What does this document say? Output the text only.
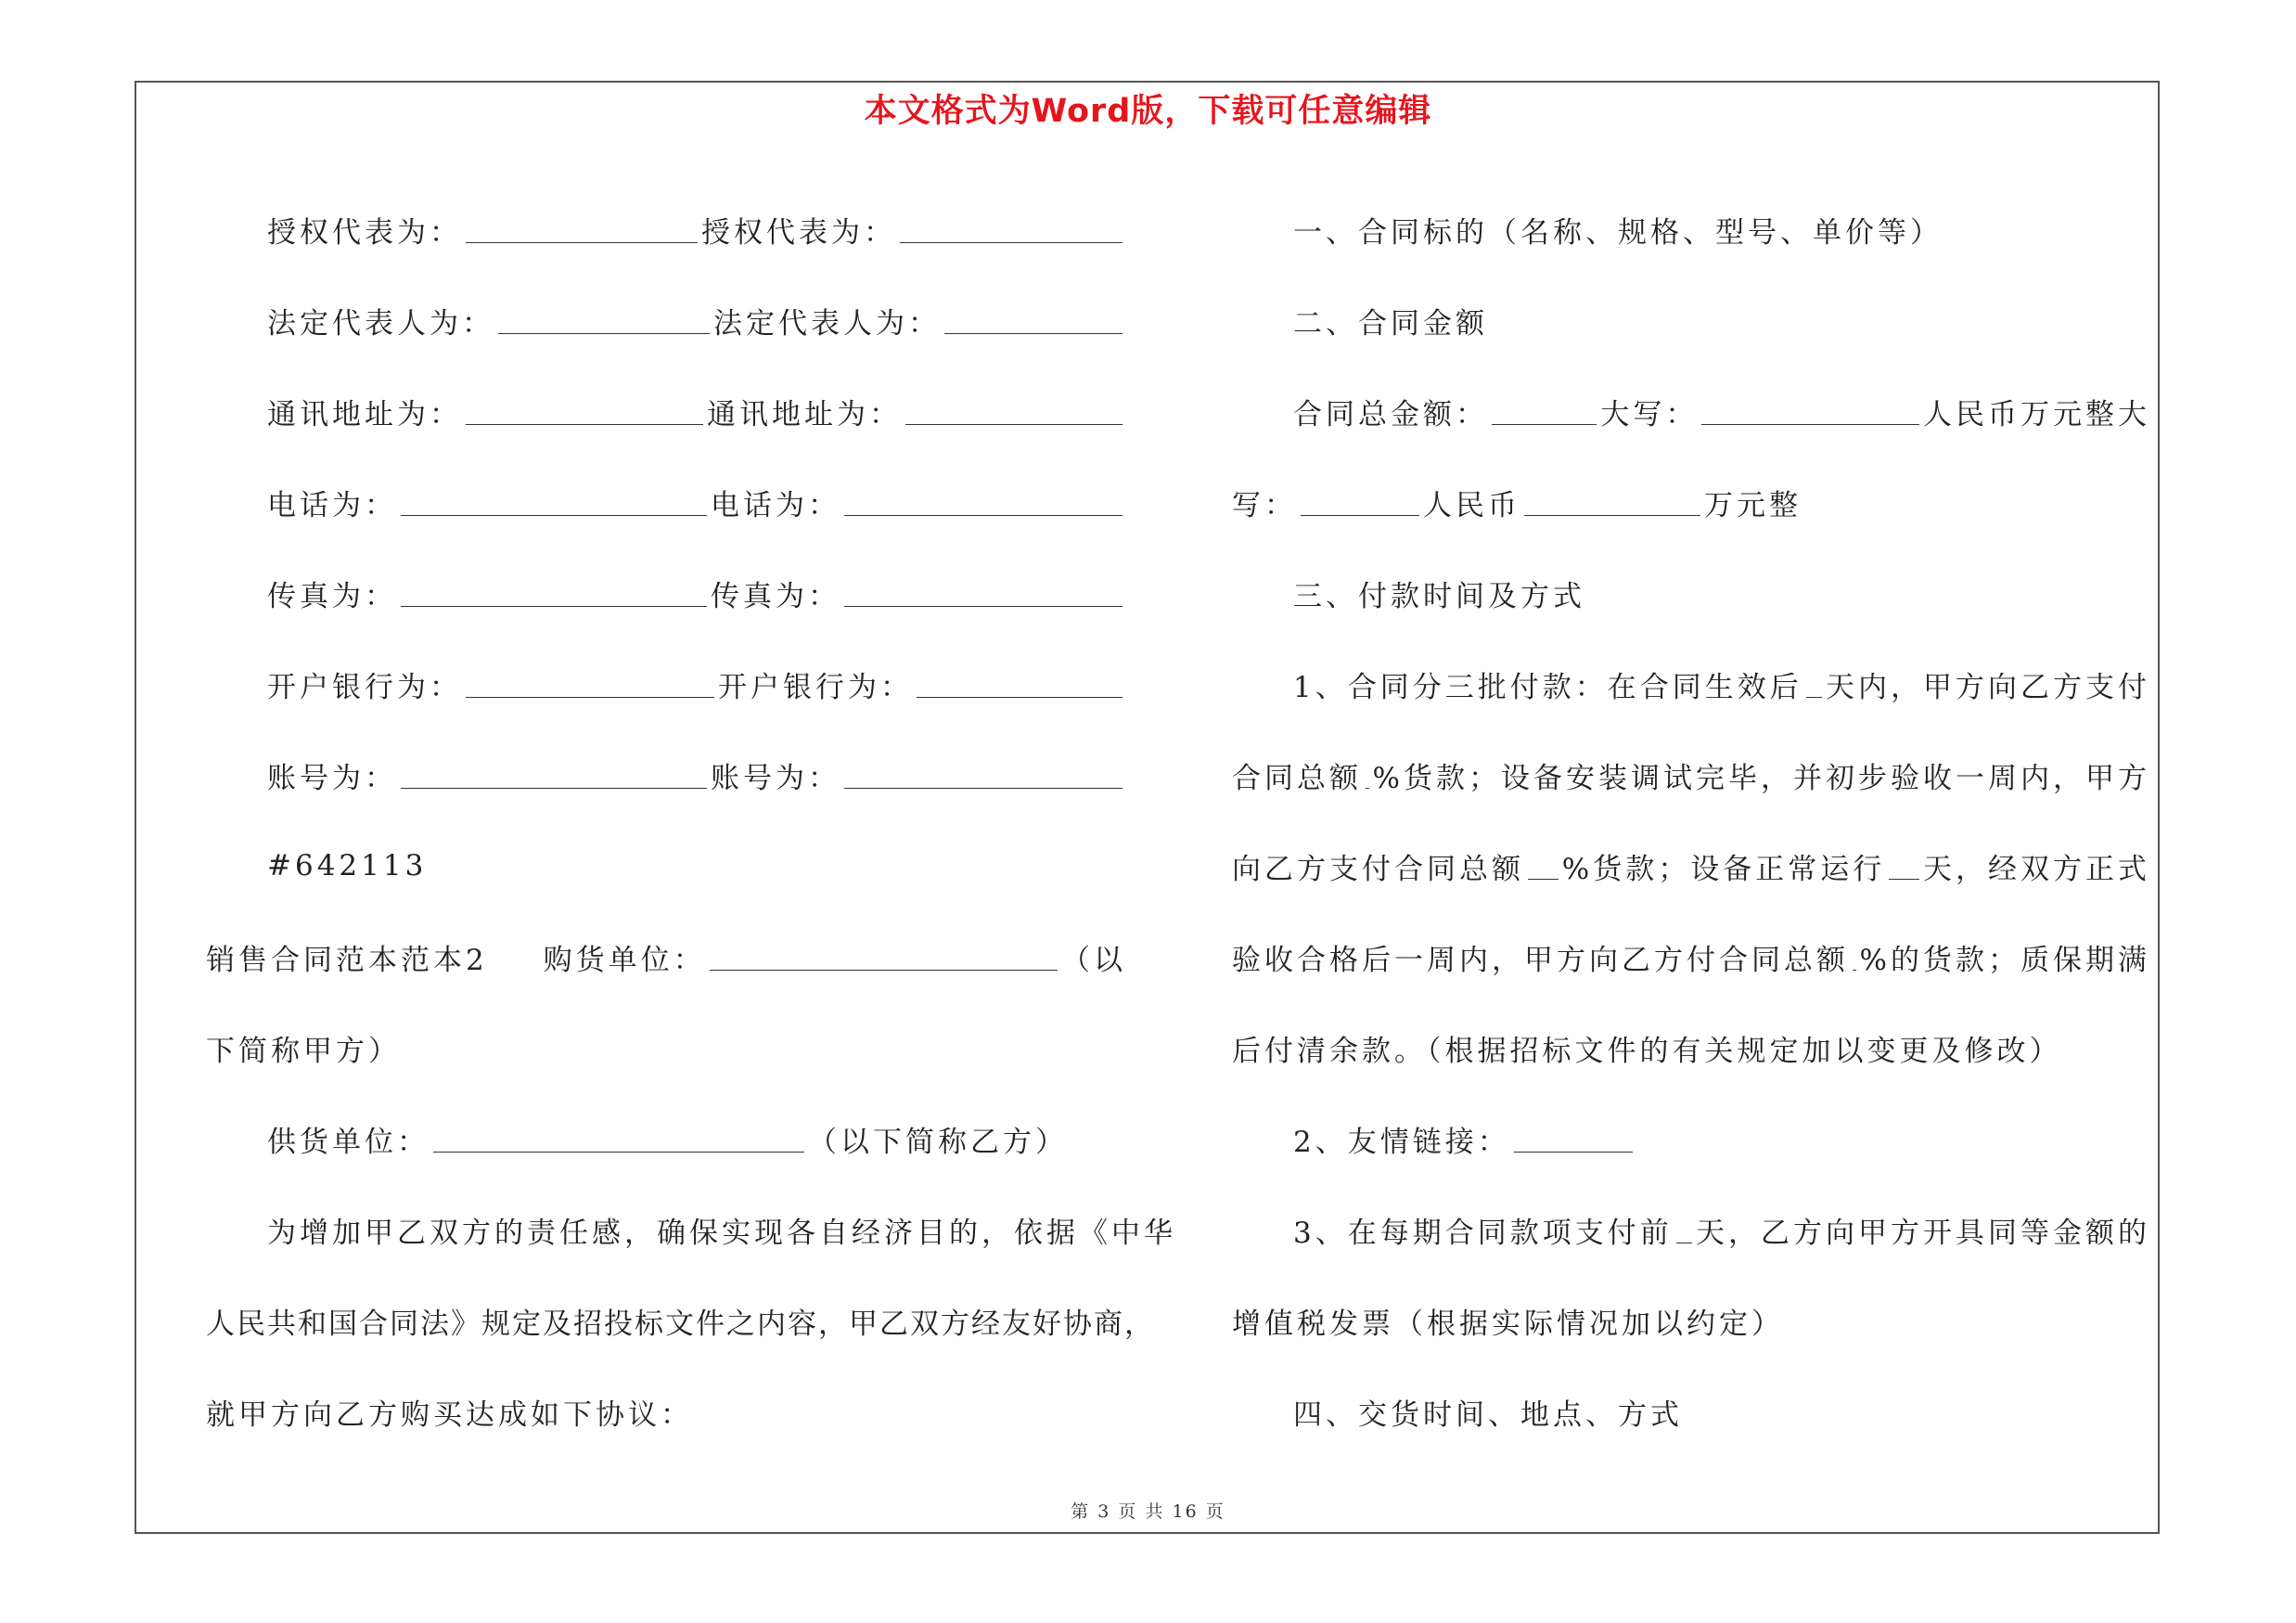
本文格式为Word版，下载可任意编辑
授权代表为：	授权代表为：
法定代表人为：	法定代表人为：
通讯地址为：	通讯地址为：
电话为：	电话为：
传真为：	传真为：
开户银行为：	开户银行为：
账号为：	账号为：
#642113
销售合同范本范本2 购货单位：	（以
下简称甲方）
供货单位：	（以下简称乙方）
为增加甲乙双方的责任感，确保实现各自经济目的，依据《中华
人民共和国合同法》规定及招投标文件之内容，甲乙双方经友好协商，
就甲方向乙方购买达成如下协议：
一、合同标的（名称、规格、型号、单价等）
二、合同金额
合同总金额：	大写：	人民币万元整大
写：	人民币	万元整
三、付款时间及方式
1、合同分三批付款：在合同生效后 天内，甲方向乙方支付
合同总额 %货款；设备安装调试完毕，并初步验收一周内，甲方
向乙方支付合同总额 %货款；设备正常运行 天，经双方正式
验收合格后一周内，甲方向乙方付合同总额 %的货款；质保期满
后付清余款。（根据招标文件的有关规定加以变更及修改）
2、友情链接：
3、在每期合同款项支付前 天，乙方向甲方开具同等金额的
增值税发票（根据实际情况加以约定）
四、交货时间、地点、方式
第 3 页 共 16 页
